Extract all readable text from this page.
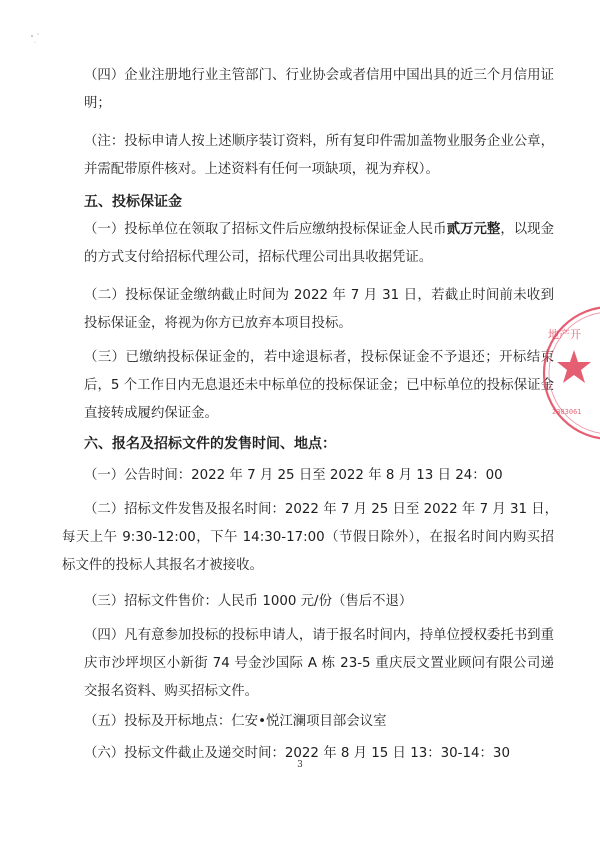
（四）企业注册地行业主管部门、行业协会或者信用中国出具的近三个月信用证明；

（注：投标申请人按上述顺序装订资料，所有复印件需加盖物业服务企业公章，并需配带原件核对。上述资料有任何一项缺项，视为弃权）。

五、投标保证金

（一）投标单位在领取了招标文件后应缴纳投标保证金人民币贰万元整，以现金的方式支付给招标代理公司，招标代理公司出具收据凭证。

（二）投标保证金缴纳截止时间为 2022 年 7 月 31 日，若截止时间前未收到投标保证金，将视为你方已放弃本项目投标。

（三）已缴纳投标保证金的，若中途退标者，投标保证金不予退还；开标结束后，5 个工作日内无息退还未中标单位的投标保证金；已中标单位的投标保证金直接转成履约保证金。

六、报名及招标文件的发售时间、地点：

（一）公告时间：2022 年 7 月 25 日至 2022 年 8 月 13 日 24：00

（二）招标文件发售及报名时间：2022 年 7 月 25 日至 2022 年 7 月 31 日，

每天上午 9:30-12:00，下午 14:30-17:00（节假日除外），在报名时间内购买招标文件的投标人其报名才被接收。

（三）招标文件售价：人民币 1000 元/份（售后不退）

（四）凡有意参加投标的投标申请人，请于报名时间内，持单位授权委托书到重庆市沙坪坝区小新街 74 号金沙国际 A 栋 23-5 重庆辰文置业顾问有限公司递交报名资料、购买招标文件。

（五）投标及开标地点：仁安•悦江澜项目部会议室

（六）投标文件截止及递交时间：2022 年 8 月 15 日 13：30-14：30

3
地产开
2303061
